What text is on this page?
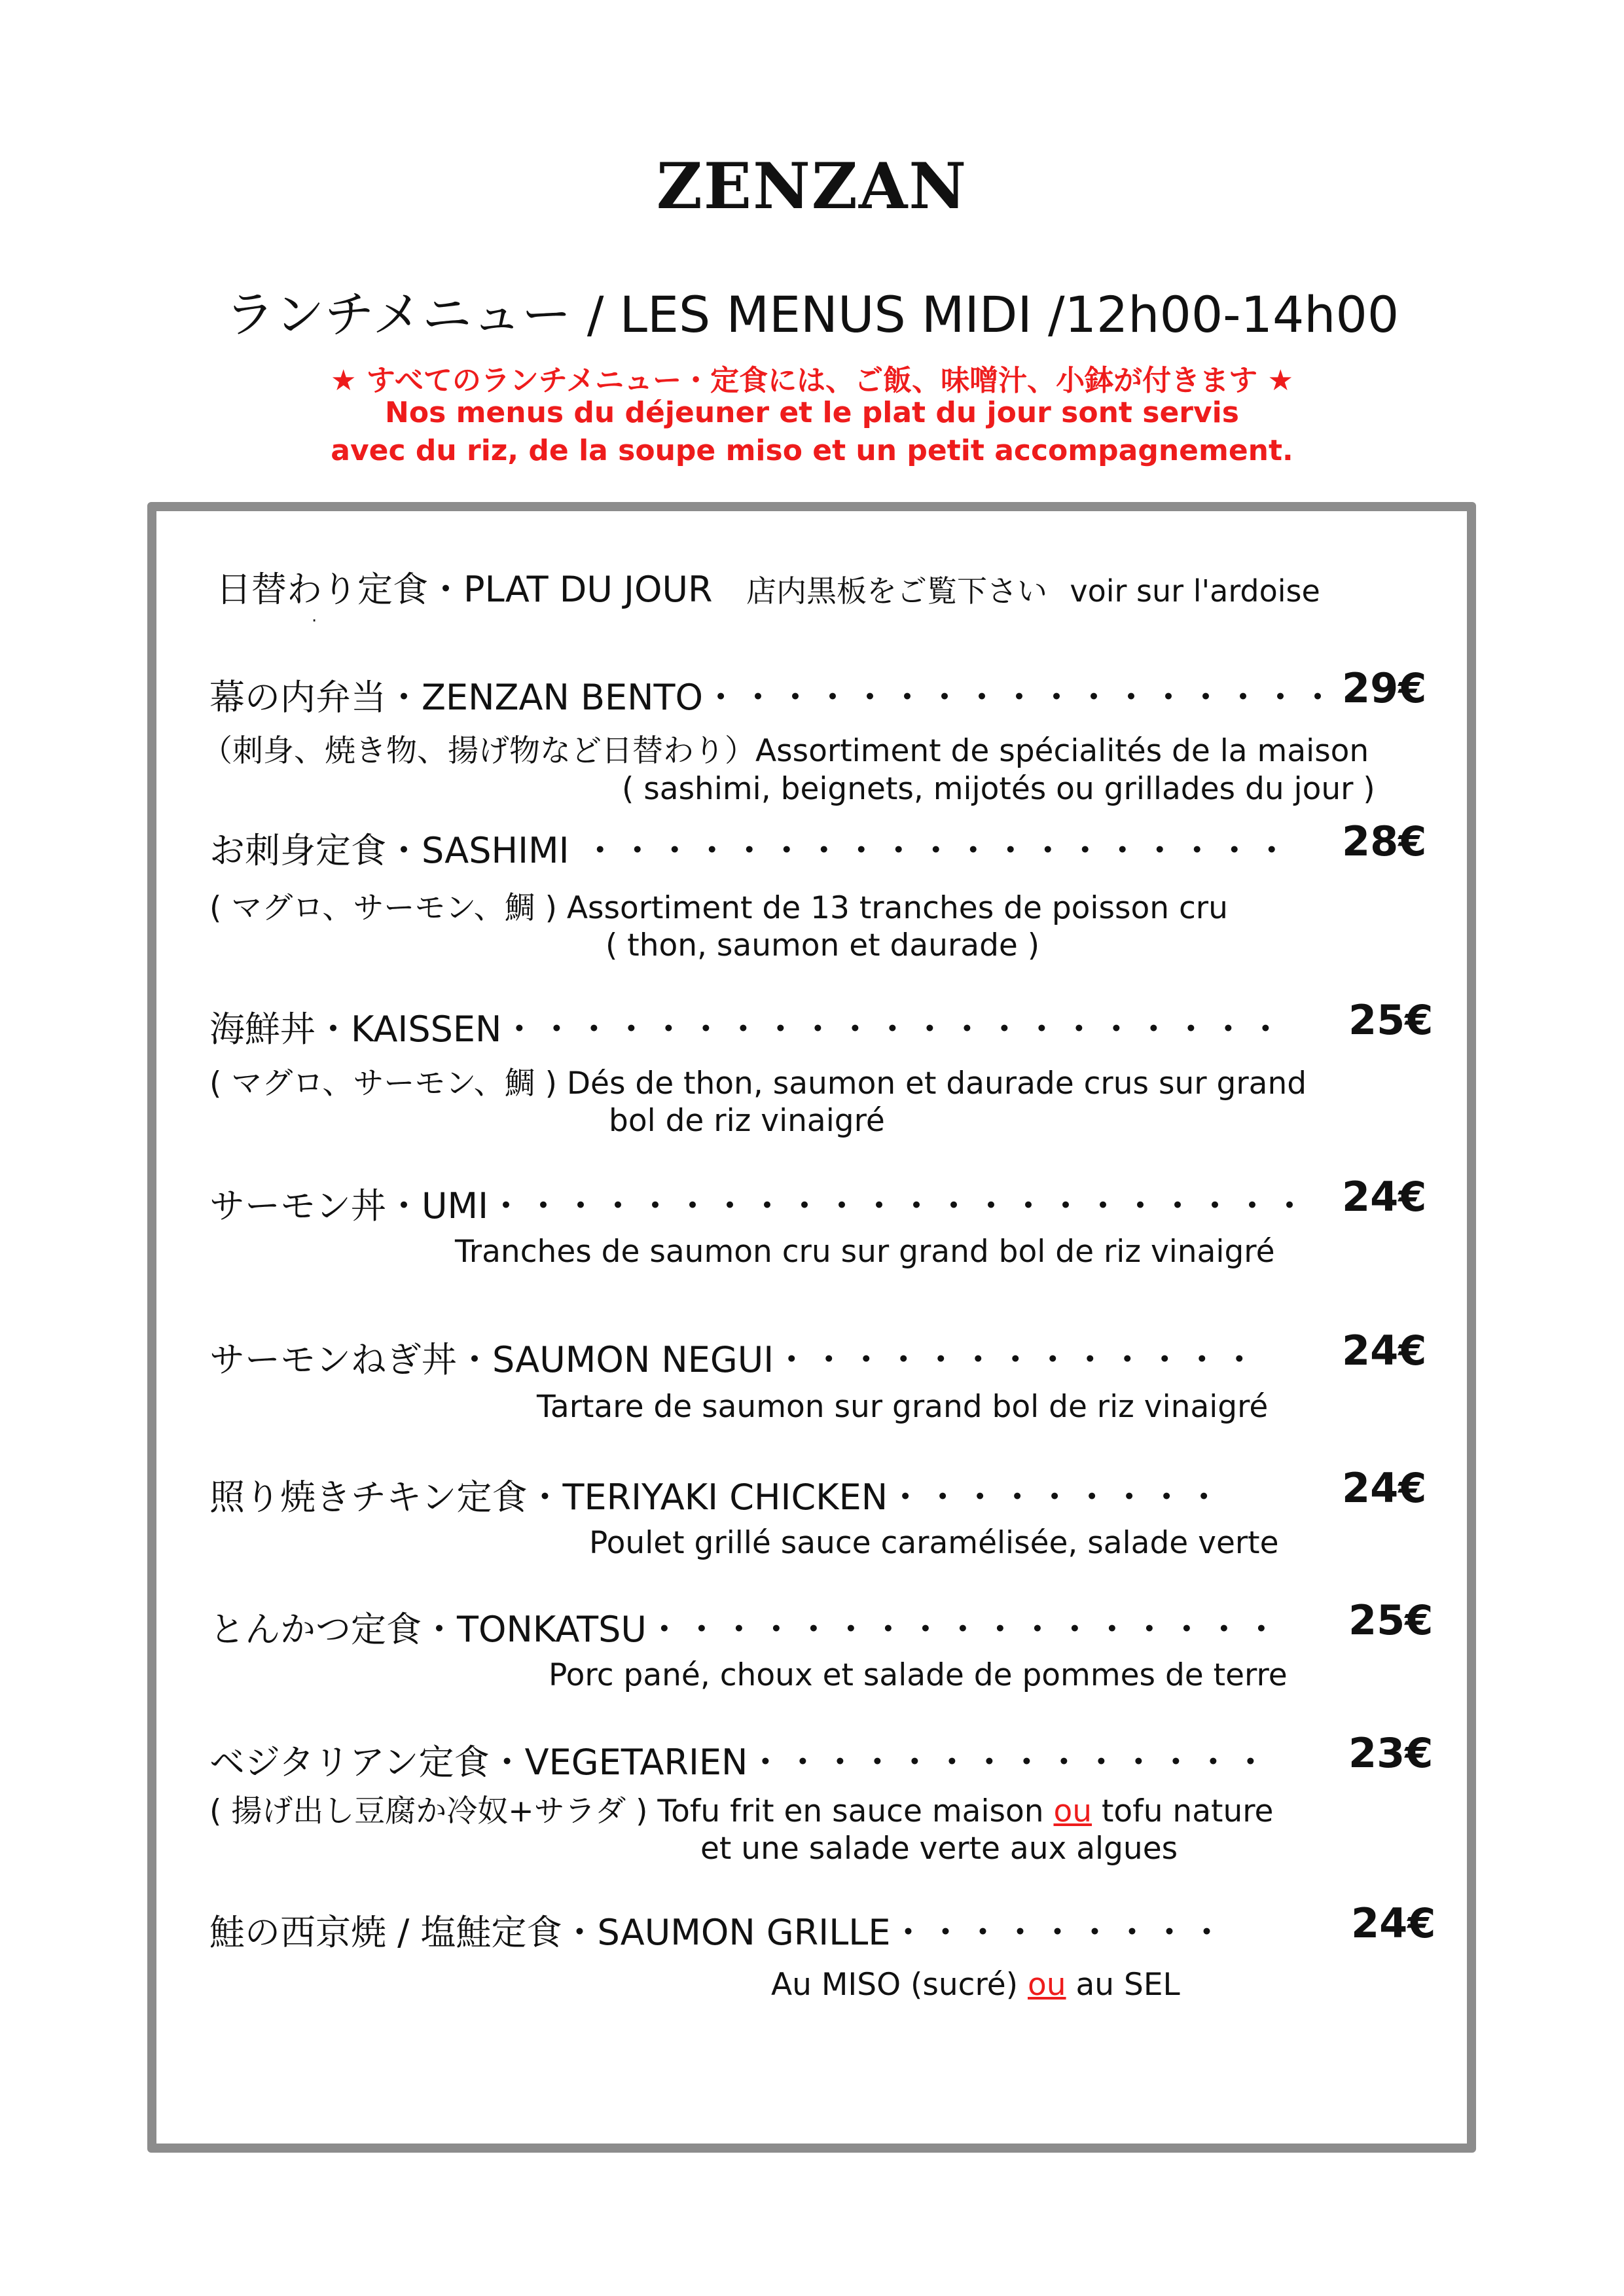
ZENZAN
ランチメニュー / LES MENUS MIDI /12h00-14h00
★ すべてのランチメニュー・定食には、ご飯、味噌汁、小鉢が付きます ★
Nos menus du déjeuner et le plat du jour sont servis
avec du riz, de la soupe miso et un petit accompagnement.
日替わり定食・PLAT DU JOUR 店内黒板をご覧下さい voir sur l'ardoise
·
幕の内弁当・ZENZAN BENTO・・・・・・・・・・・・・・・・・ 29€
（刺身、焼き物、揚げ物など日替わり）Assortiment de spécialités de la maison
( sashimi, beignets, mijotés ou grillades du jour )
お刺身定食・SASHIMI ・・・・・・・・・・・・・・・・・・・ 28€
( マグロ、サーモン、鯛 ) Assortiment de 13 tranches de poisson cru
( thon, saumon et daurade )
海鮮丼・KAISSEN・・・・・・・・・・・・・・・・・・・・・ 25€
( マグロ、サーモン、鯛 ) Dés de thon, saumon et daurade crus sur grand
bol de riz vinaigré
サーモン丼・UMI・・・・・・・・・・・・・・・・・・・・・・ 24€
Tranches de saumon cru sur grand bol de riz vinaigré
サーモンねぎ丼・SAUMON NEGUI・・・・・・・・・・・・・ 24€
Tartare de saumon sur grand bol de riz vinaigré
照り焼きチキン定食・TERIYAKI CHICKEN・・・・・・・・・	24€
Poulet grillé sauce caramélisée, salade verte
とんかつ定食・TONKATSU・・・・・・・・・・・・・・・・・ 25€
Porc pané, choux et salade de pommes de terre
ベジタリアン定食・VEGETARIEN・・・・・・・・・・・・・・ 23€
( 揚げ出し豆腐か冷奴+サラダ ) Tofu frit en sauce maison ou tofu nature
et une salade verte aux algues
鮭の西京焼 / 塩鮭定食・SAUMON GRILLE・・・・・・・・・	24€
Au MISO (sucré) ou au SEL
